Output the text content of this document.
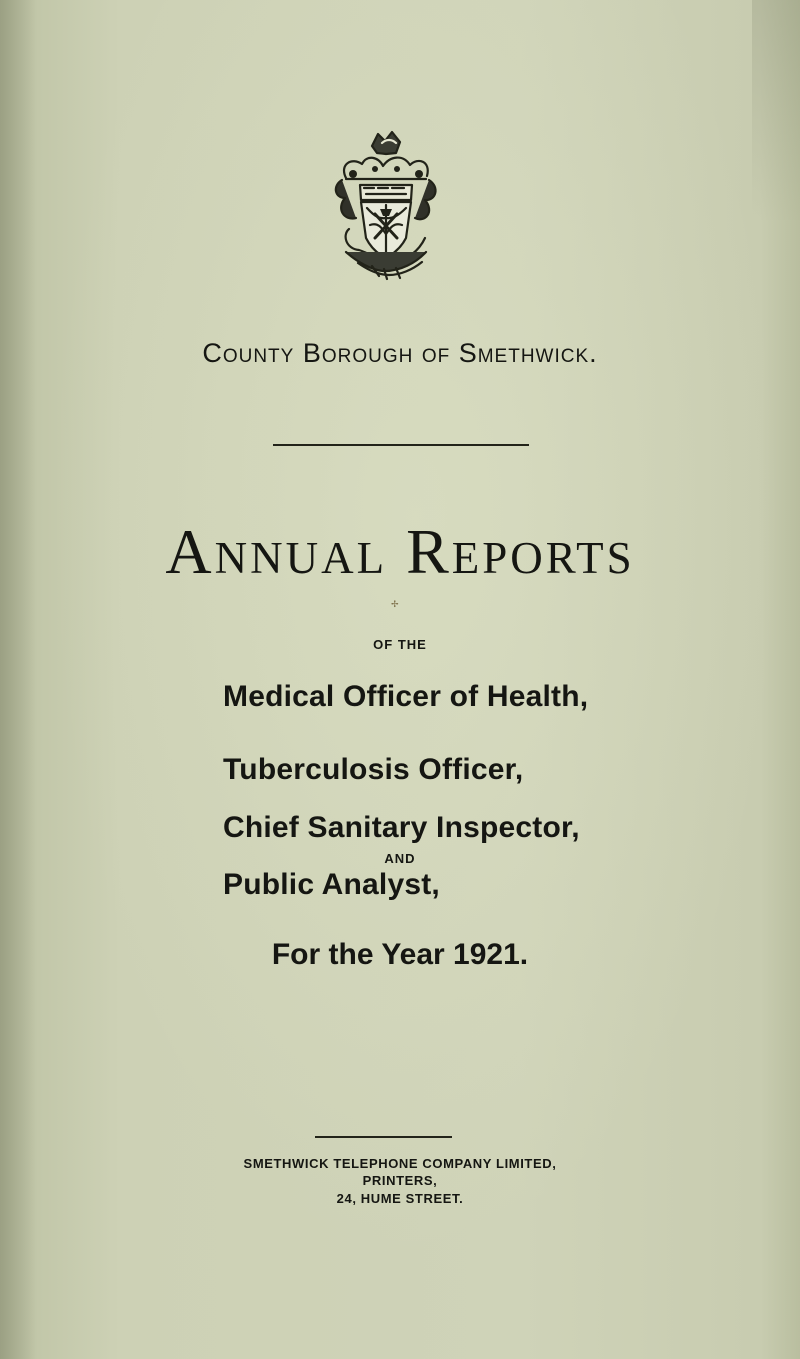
County Borough of Smethwick.
Annual Reports
✢
OF THE
Medical Officer of Health,
Tuberculosis Officer,
Chief Sanitary Inspector,
AND
Public Analyst,
For the Year 1921.
SMETHWICK TELEPHONE COMPANY LIMITED,
PRINTERS,
24, HUME STREET.
